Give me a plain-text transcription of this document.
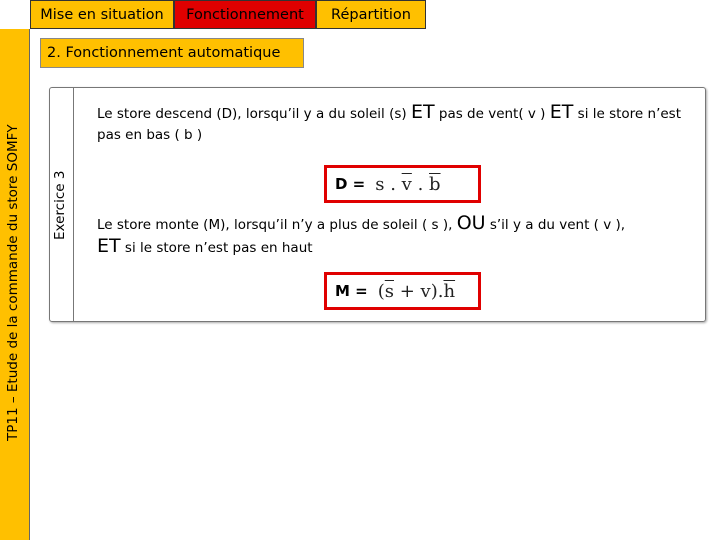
Mise en situation	Fonctionnement	Répartition
TP11 – Etude de la commande du store SOMFY
2. Fonctionnement automatique
Exercice 3
Le store descend (D), lorsqu’il y a du soleil (s) ET pas de vent( v ) ET si le store n’est pas en bas ( b )
D = s . $\overline{v}$ . $\overline{b}$
Le store monte (M), lorsqu’il n’y a plus de soleil ( s ), OU s’il y a du vent ( v ),
ET si le store n’est pas en haut
$M = (\overline{s} + v).\overline{h}$
